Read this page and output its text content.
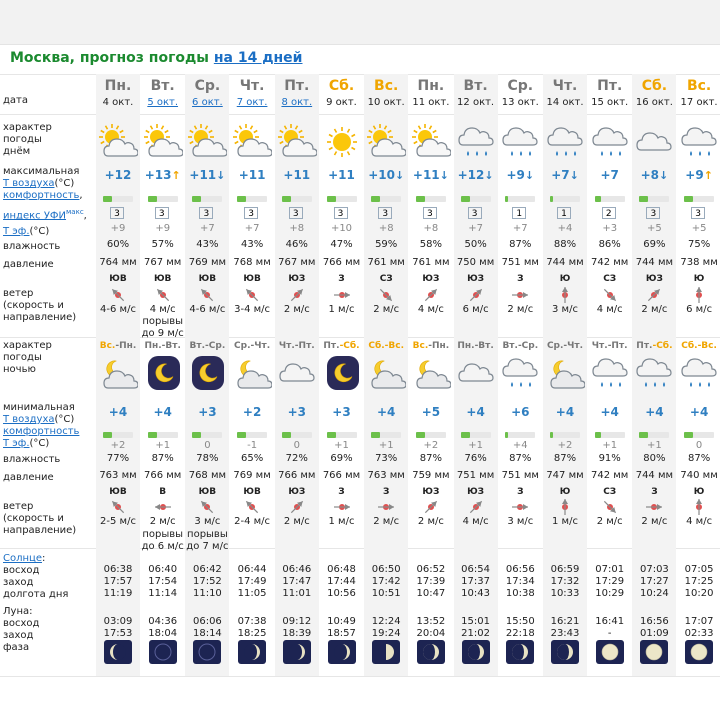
Москва, прогноз погоды на 14 дней
дата
характер
погоды
днём
максимальная
Т воздуха(°С)
комфортность,
индекс $УФИ^{макс}$,
Т эф.(°С)
влажность
давление
ветер
(скорость и
направление)
характер
погоды
ночью
минимальная
Т воздуха(°С)
комфортность
Т эф.(°С)
влажность
давление
ветер
(скорость и
направление)
Солнце:
восход
заход
долгота дня
Луна:
восход
заход
фаза
Пн.
4 окт.
+12
3
+9
60%
764 мм
ЮВ
4-6 м/с
Вс.-Пн.
+4
+2
77%
763 мм
ЮВ
2-5 м/с
06:38
17:57
11:19
03:09
17:53
Вт.
5 окт.
+13↑
3
+9
57%
767 мм
ЮВ
4 м/с
порывы до 9 м/с
Пн.-Вт.
+4
+1
87%
766 мм
В
2 м/с
порывы до 6 м/с
06:40
17:54
11:14
04:36
18:04
Ср.
6 окт.
+11↓
3
+7
43%
769 мм
ЮВ
4-6 м/с
Вт.-Ср.
+3
0
78%
768 мм
ЮВ
3 м/с
порывы до 7 м/с
06:42
17:52
11:10
06:06
18:14
Чт.
7 окт.
+11
3
+7
43%
768 мм
ЮВ
3-4 м/с
Ср.-Чт.
+2
-1
65%
769 мм
ЮВ
2-4 м/с
06:44
17:49
11:05
07:38
18:25
Пт.
8 окт.
+11
3
+8
46%
767 мм
ЮЗ
2 м/с
Чт.-Пт.
+3
0
72%
766 мм
ЮЗ
2 м/с
06:46
17:47
11:01
09:12
18:39
Сб.
9 окт.
+11
3
+10
47%
766 мм
З
1 м/с
Пт.-Сб.
+3
+1
69%
766 мм
З
1 м/с
06:48
17:44
10:56
10:49
18:57
Вс.
10 окт.
+10↓
3
+8
59%
761 мм
СЗ
2 м/с
Сб.-Вс.
+4
+1
73%
763 мм
З
2 м/с
06:50
17:42
10:51
12:24
19:24
Пн.
11 окт.
+11↓
3
+8
58%
761 мм
ЮЗ
4 м/с
Вс.-Пн.
+5
+2
87%
759 мм
ЮЗ
2 м/с
06:52
17:39
10:47
13:52
20:04
Вт.
12 окт.
+12↓
3
+7
50%
750 мм
ЮЗ
6 м/с
Пн.-Вт.
+4
+1
76%
751 мм
ЮЗ
4 м/с
06:54
17:37
10:43
15:01
21:02
Ср.
13 окт.
+9↓
1
+7
87%
751 мм
З
2 м/с
Вт.-Ср.
+6
+4
87%
751 мм
З
3 м/с
06:56
17:34
10:38
15:50
22:18
Чт.
14 окт.
+7↓
1
+4
88%
744 мм
Ю
3 м/с
Ср.-Чт.
+4
+2
87%
747 мм
Ю
1 м/с
06:59
17:32
10:33
16:21
23:43
Пт.
15 окт.
+7
2
+3
86%
742 мм
СЗ
4 м/с
Чт.-Пт.
+4
+1
91%
742 мм
СЗ
2 м/с
07:01
17:29
10:29
16:41
-
Сб.
16 окт.
+8↓
3
+5
69%
744 мм
ЮЗ
2 м/с
Пт.-Сб.
+4
+1
80%
744 мм
З
2 м/с
07:03
17:27
10:24
16:56
01:09
Вс.
17 окт.
+9↑
3
+5
75%
738 мм
Ю
6 м/с
Сб.-Вс.
+4
0
87%
740 мм
Ю
4 м/с
07:05
17:25
10:20
17:07
02:33
